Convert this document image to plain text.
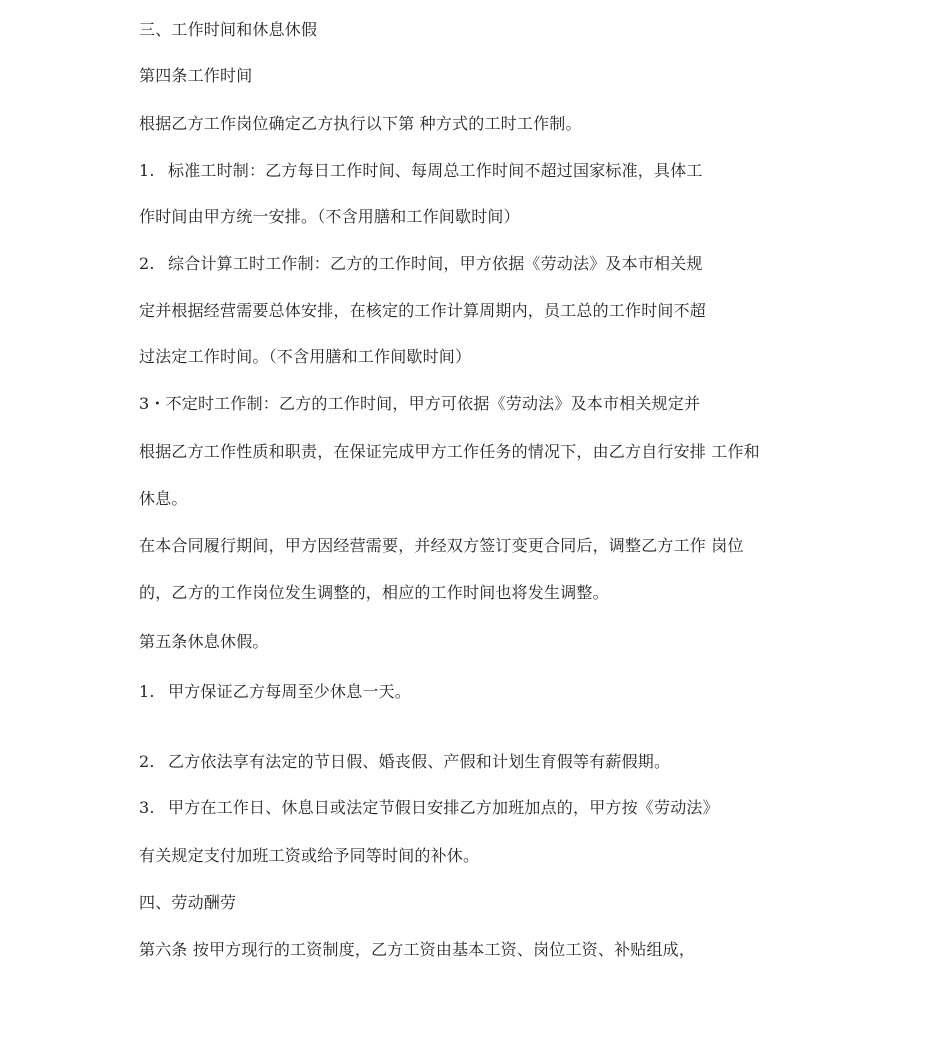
三、工作时间和休息休假
第四条工作时间
根据乙方工作岗位确定乙方执行以下第 种方式的工时工作制。
1. 标准工时制：乙方每日工作时间、每周总工作时间不超过国家标准，具体工
作时间由甲方统一安排。（不含用膳和工作间歇时间）
2. 综合计算工时工作制：乙方的工作时间，甲方依据《劳动法》及本市相关规
定并根据经营需要总体安排，在核定的工作计算周期内，员工总的工作时间不超
过法定工作时间。（不含用膳和工作间歇时间）
3・不定时工作制：乙方的工作时间，甲方可依据《劳动法》及本市相关规定并
根据乙方工作性质和职责，在保证完成甲方工作任务的情况下，由乙方自行安排 工作和
休息。
在本合同履行期间，甲方因经营需要，并经双方签订变更合同后，调整乙方工作 岗位
的，乙方的工作岗位发生调整的，相应的工作时间也将发生调整。
第五条休息休假。
1. 甲方保证乙方每周至少休息一天。
2. 乙方依法享有法定的节日假、婚丧假、产假和计划生育假等有薪假期。
3. 甲方在工作日、休息日或法定节假日安排乙方加班加点的，甲方按《劳动法》
有关规定支付加班工资或给予同等时间的补休。
四、劳动酬劳
第六条 按甲方现行的工资制度，乙方工资由基本工资、岗位工资、补贴组成，
